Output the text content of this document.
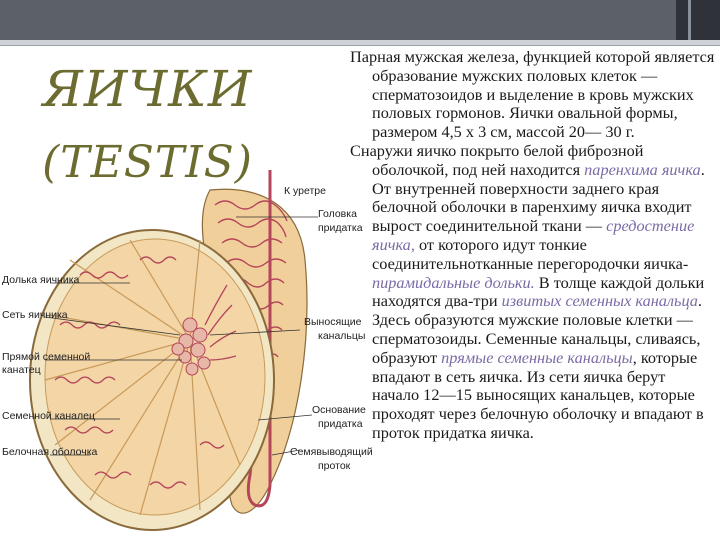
ЯИЧКИ
(TESTIS)
Долька яичника
Сеть яичника
Прямой семенной
канатец
Семенной каналец
Белочная оболочка
К уретре
Головка
придатка
Выносящие
канальцы
Основание
придатка
Семявыводящий
проток

Парная мужская железа, функцией которой является образование мужских половых клеток — сперматозоидов и выделение в кровь мужских половых гормонов. Яички овальной формы, размером 4,5 х 3 см, массой 20— 30 г.

Снаружи яичко покрыто белой фиброзной оболочкой, под ней находится паренхима яичка. От внутренней поверхности заднего края белочной оболочки в паренхиму яичка входит вырост соединительной ткани — средостение яичка, от которого идут тонкие соединительнотканные перегородочки яичка- пирамидальные дольки. В толще каждой дольки находятся два-три извитых семенных канальца. Здесь образуются мужские половые клетки — сперматозоиды. Семенные канальцы, сливаясь, образуют прямые семенные канальцы, которые впадают в сеть яичка. Из сети яичка берут начало 12—15 выносящих канальцев, которые проходят через белочную оболочку и впадают в проток придатка яичка.
